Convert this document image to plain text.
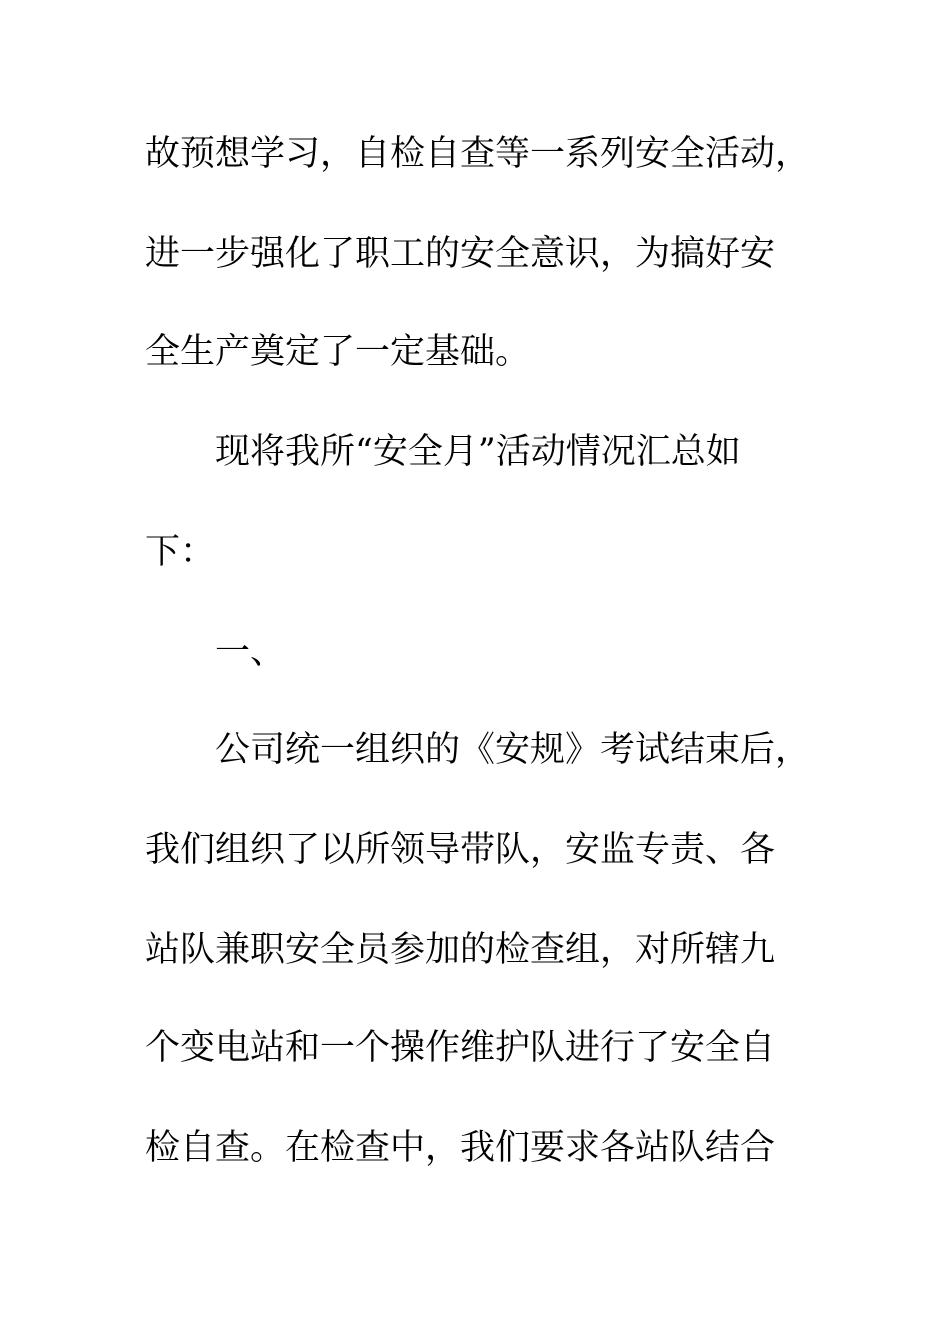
故预想学习，自检自查等一系列安全活动，
进一步强化了职工的安全意识，为搞好安
全生产奠定了一定基础。
现将我所“安全月”活动情况汇总如
下：
一、
公司统一组织的《安规》考试结束后，
我们组织了以所领导带队，安监专责、各
站队兼职安全员参加的检查组，对所辖九
个变电站和一个操作维护队进行了安全自
检自查。在检查中，我们要求各站队结合
